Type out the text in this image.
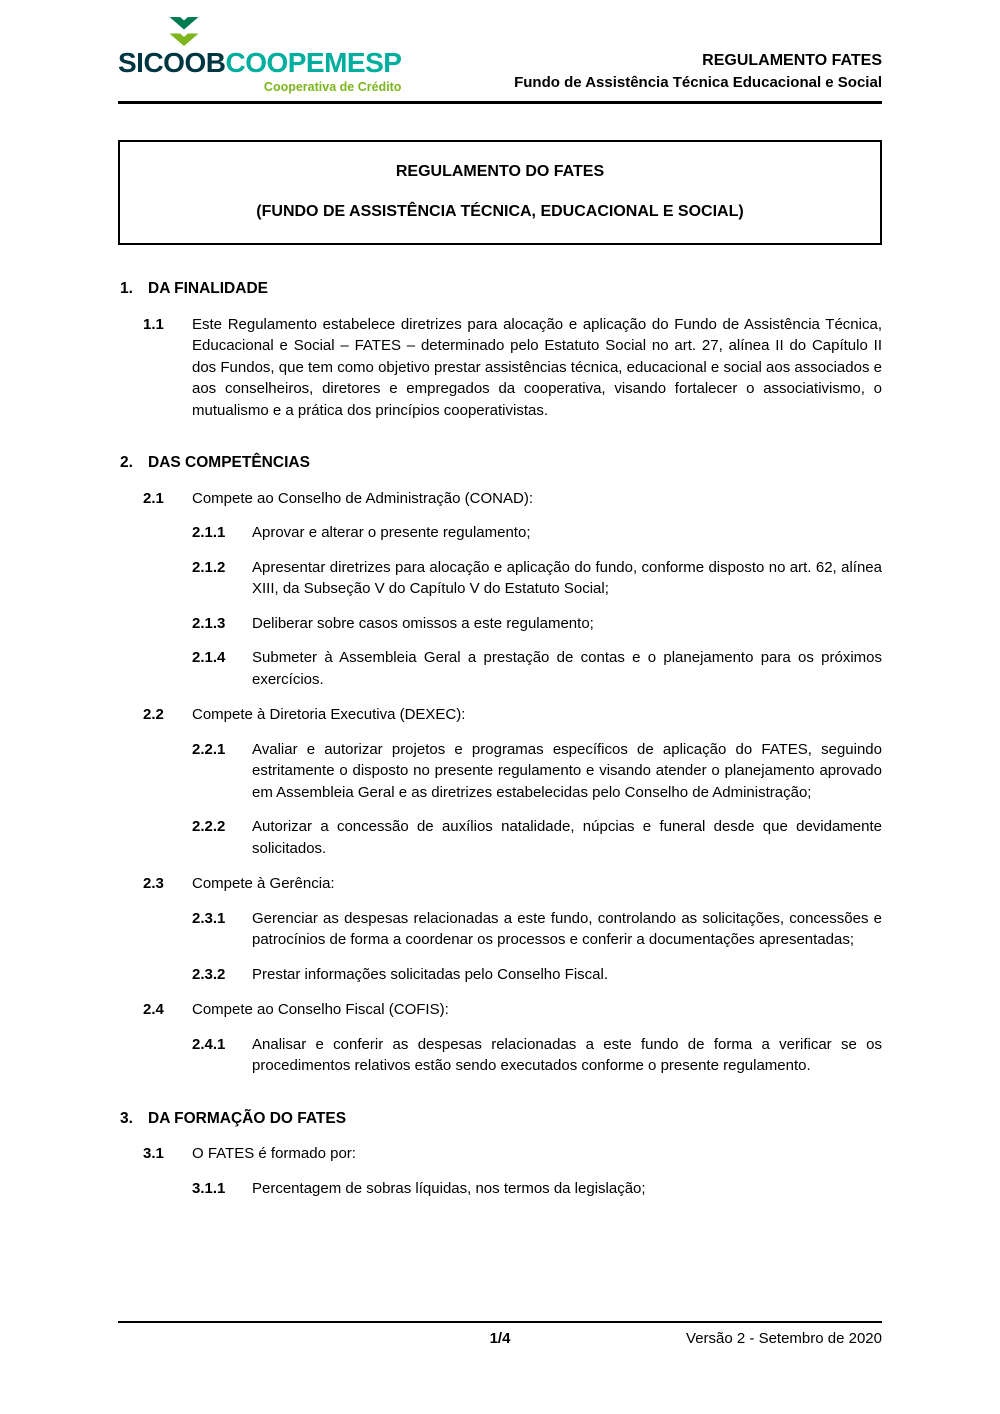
SICOOBCOOPEMESP
Cooperativa de Crédito
REGULAMENTO FATES
Fundo de Assistência Técnica Educacional e Social
REGULAMENTO DO FATES
(FUNDO DE ASSISTÊNCIA TÉCNICA, EDUCACIONAL E SOCIAL)
1. DA FINALIDADE
1.1	Este Regulamento estabelece diretrizes para alocação e aplicação do Fundo de Assistência Técnica, Educacional e Social – FATES – determinado pelo Estatuto Social no art. 27, alínea II do Capítulo II dos Fundos, que tem como objetivo prestar assistências técnica, educacional e social aos associados e aos conselheiros, diretores e empregados da cooperativa, visando fortalecer o associativismo, o mutualismo e a prática dos princípios cooperativistas.

2. DAS COMPETÊNCIAS
2.1	Compete ao Conselho de Administração (CONAD):

2.1.1	Aprovar e alterar o presente regulamento;

2.1.2	Apresentar diretrizes para alocação e aplicação do fundo, conforme disposto no art. 62, alínea XIII, da Subseção V do Capítulo V do Estatuto Social;

2.1.3	Deliberar sobre casos omissos a este regulamento;

2.1.4	Submeter à Assembleia Geral a prestação de contas e o planejamento para os próximos exercícios.

2.2	Compete à Diretoria Executiva (DEXEC):

2.2.1	Avaliar e autorizar projetos e programas específicos de aplicação do FATES, seguindo estritamente o disposto no presente regulamento e visando atender o planejamento aprovado em Assembleia Geral e as diretrizes estabelecidas pelo Conselho de Administração;

2.2.2	Autorizar a concessão de auxílios natalidade, núpcias e funeral desde que devidamente solicitados.

2.3	Compete à Gerência:

2.3.1	Gerenciar as despesas relacionadas a este fundo, controlando as solicitações, concessões e patrocínios de forma a coordenar os processos e conferir a documentações apresentadas;

2.3.2	Prestar informações solicitadas pelo Conselho Fiscal.

2.4	Compete ao Conselho Fiscal (COFIS):

2.4.1	Analisar e conferir as despesas relacionadas a este fundo de forma a verificar se os procedimentos relativos estão sendo executados conforme o presente regulamento.

3. DA FORMAÇÃO DO FATES
3.1	O FATES é formado por:

3.1.1	Percentagem de sobras líquidas, nos termos da legislação;

1/4	Versão 2 - Setembro de 2020
